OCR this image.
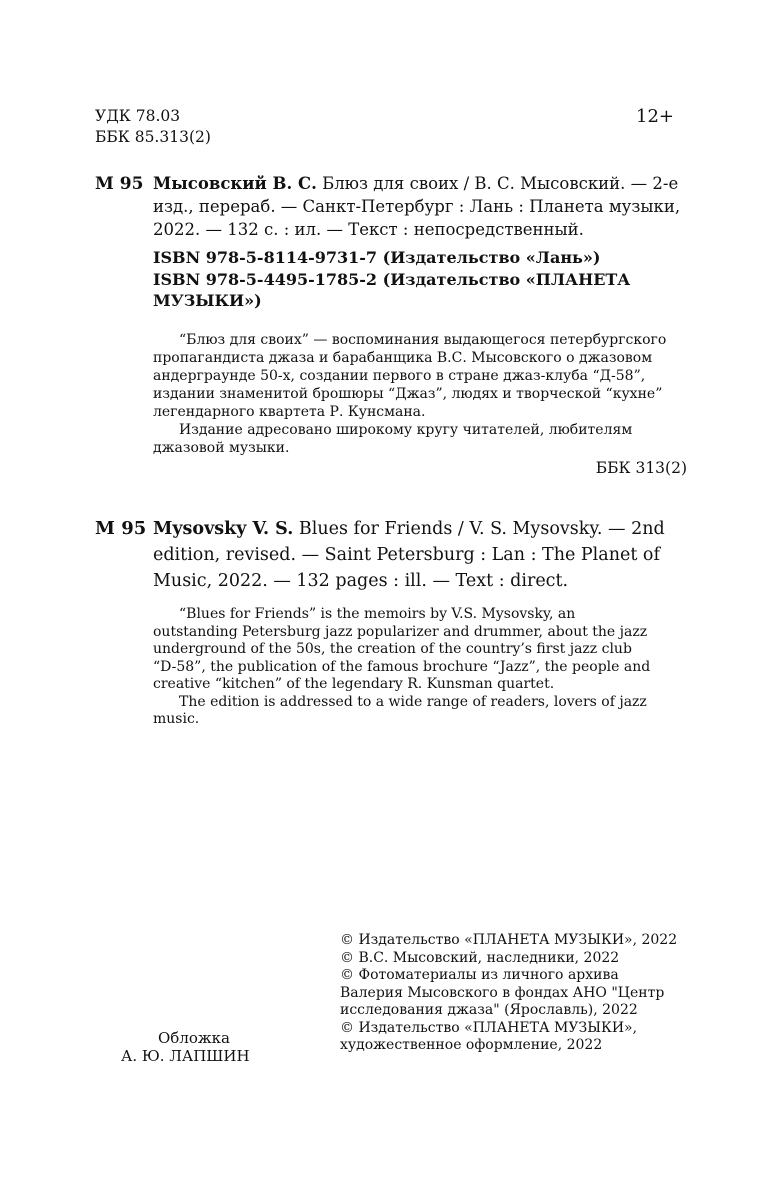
УДК 78.03

ББК 85.313(2)

12+
М 95 Мысовский В. С. Блюз для своих / В. С. Мысовский. — 2-е

изд., перераб. — Санкт-Петербург : Лань : Планета музыки,

2022. — 132 с. : ил. — Текст : непосредственный.

ISBN 978-5-8114-9731-7 (Издательство «Лань»)

ISBN 978-5-4495-1785-2 (Издательство «ПЛАНЕТА

МУЗЫКИ»)

“Блюз для своих” — воспоминания выдающегося петербургского

пропагандиста джаза и барабанщика В.С. Мысовского о джазовом

андерграунде 50-х, создании первого в стране джаз-клуба “Д-58”,

издании знаменитой брошюры “Джаз”, людях и творческой “кухне”

легендарного квартета Р. Кунсмана.

Издание адресовано широкому кругу читателей, любителям

джазовой музыки.

ББК 313(2)
M 95 Mysovsky V. S. Blues for Friends / V. S. Mysovsky. — 2nd

edition, revised. — Saint Petersburg : Lan : The Planet of

Music, 2022. — 132 pages : ill. — Text : direct.

“Blues for Friends” is the memoirs by V.S. Mysovsky, an

outstanding Petersburg jazz popularizer and drummer, about the jazz

underground of the 50s, the creation of the country’s first jazz club

“D-58”, the publication of the famous brochure “Jazz”, the people and

creative “kitchen” of the legendary R. Kunsman quartet.

The edition is addressed to a wide range of readers, lovers of jazz

music.

© Издательство «ПЛАНЕТА МУЗЫКИ», 2022

© В.С. Мысовский, наследники, 2022

© Фотоматериалы из личного архива

Валерия Мысовского в фондах АНО "Центр

исследования джаза" (Ярославль), 2022

© Издательство «ПЛАНЕТА МУЗЫКИ»,

художественное оформление, 2022

Обложка
А. Ю. ЛАПШИН
